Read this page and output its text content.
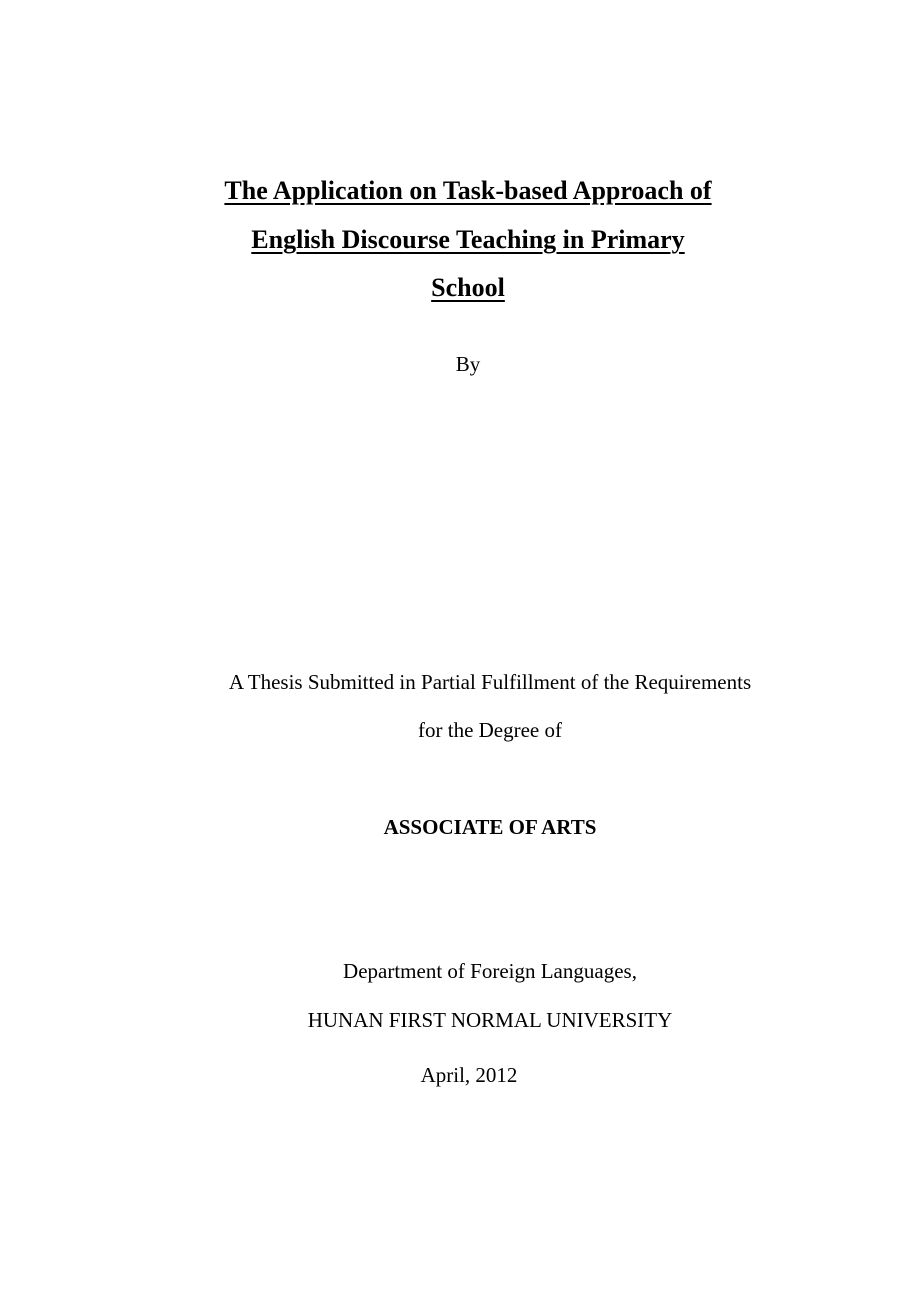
The Application on Task-based Approach of
English Discourse Teaching in Primary
School
By
A Thesis Submitted in Partial Fulfillment of the Requirements
for the Degree of
ASSOCIATE OF ARTS
Department of Foreign Languages,
HUNAN FIRST NORMAL UNIVERSITY
April, 2012
